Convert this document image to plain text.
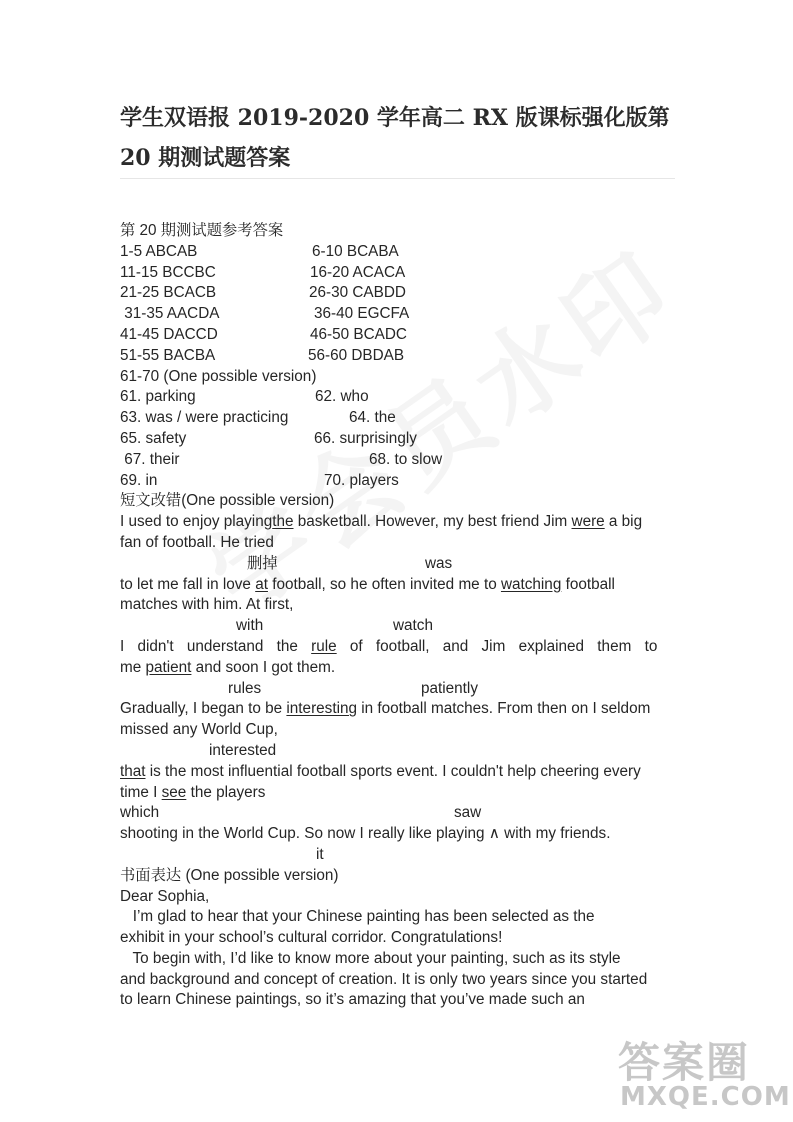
学生双语报 2019-2020 学年高二 RX 版课标强化版第
20 期测试题答案
第 20 期测试题参考答案
1-5 ABCAB	6-10 BCABA
11-15 BCCBC	16-20 ACACA
21-25 BCACB	26-30 CABDD
31-35 AACDA	36-40 EGCFA
41-45 DACCD	46-50 BCADC
51-55 BACBA	56-60 DBDAB
61-70 (One possible version)
61. parking	62. who
63. was / were practicing	64. the
65. safety	66. surprisingly
67. their	68. to slow
69. in	70. players
短文改错(One possible version)
I used to enjoy playingthe basketball. However, my best friend Jim were a big
fan of football. He tried
删掉	was
to let me fall in love at football, so he often invited me to watching football
matches with him. At first,
with	watch
I didn't understand the rule of football, and Jim explained them to
me patient and soon I got them.
rules	patiently
Gradually, I began to be interesting in football matches. From then on I seldom
missed any World Cup,
interested
that is the most influential football sports event. I couldn't help cheering every
time I see the players
which	saw
shooting in the World Cup. So now I really like playing ∧ with my friends.
it
书面表达 (One possible version)
Dear Sophia,
I’m glad to hear that your Chinese painting has been selected as the
exhibit in your school’s cultural corridor. Congratulations!
To begin with, I’d like to know more about your painting, such as its style
and background and concept of creation. It is only two years since you started
to learn Chinese paintings, so it’s amazing that you’ve made such an
答案圈
MXQE.COM
